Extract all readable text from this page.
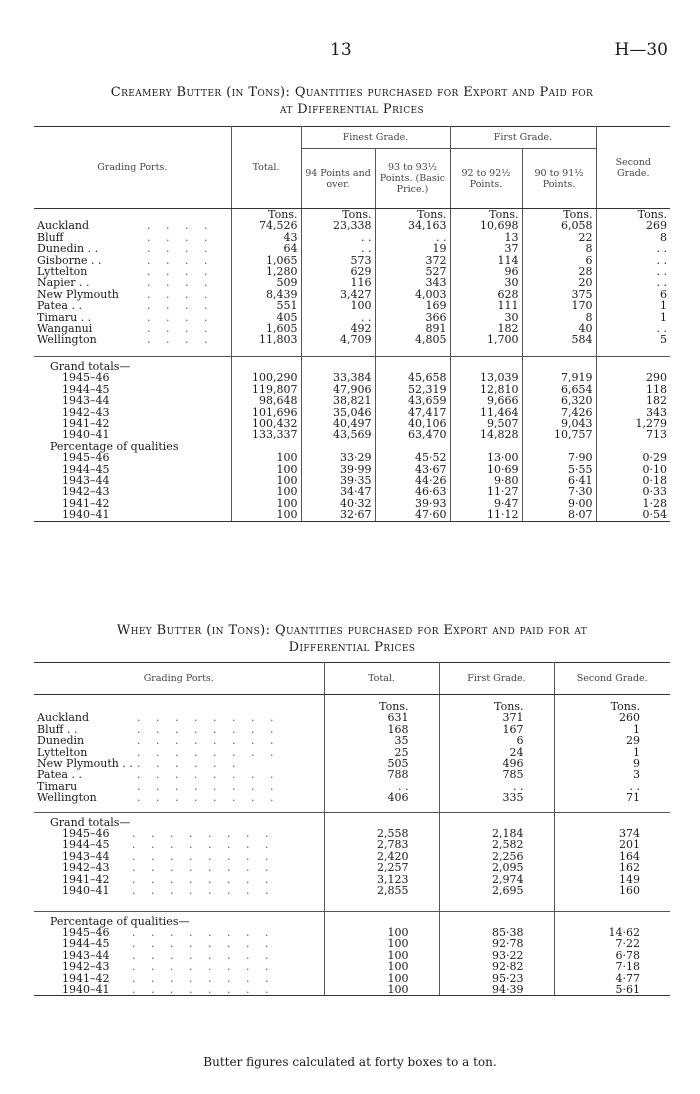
13	H—30
Creamery Butter (in Tons): Quantities purchased for Export and Paid for
at Differential Prices
Grading Ports.	Total.	Finest Grade.		First Grade.		Second Grade.
		94 Points and over.	93 to 93½ Points. (Basic Price.)	92 to 92½ Points.	90 to 91½ Points.	
	Tons.	Tons.	Tons.	Tons.	Tons.	Tons.
Auckland . . . .	74,526	23,338	34,163	10,698	6,058	269
Bluff . . . .	43	. .	. .	13	22	8
Dunedin . . . . . .	64	. .	19	37	8	. .
Gisborne . . . . . .	1,065	573	372	114	6	. .
Lyttelton . . . .	1,280	629	527	96	28	. .
Napier . . . . . .	509	116	343	30	20	. .
New Plymouth . . . .	8,439	3,427	4,003	628	375	6
Patea . . . . . .	551	100	169	111	170	1
Timaru . . . . . .	405	. .	366	30	8	1
Wanganui . . . .	1,605	492	891	182	40	. .
Wellington . . . .	11,803	4,709	4,805	1,700	584	5

Grand totals—						
1945–46	100,290	33,384	45,658	13,039	7,919	290
1944–45	119,807	47,906	52,319	12,810	6,654	118
1943–44	98,648	38,821	43,659	9,666	6,320	182
1942–43	101,696	35,046	47,417	11,464	7,426	343
1941–42	100,432	40,497	40,106	9,507	9,043	1,279
1940–41	133,337	43,569	63,470	14,828	10,757	713
Percentage of qualities						
1945–46	100	33·29	45·52	13·00	7·90	0·29
1944–45	100	39·99	43·67	10·69	5·55	0·10
1943–44	100	39·35	44·26	9·80	6·41	0·18
1942–43	100	34·47	46·63	11·27	7·30	0·33
1941–42	100	40·32	39·93	9·47	9·00	1·28
1940–41	100	32·67	47·60	11·12	8·07	0·54
Whey Butter (in Tons): Quantities purchased for Export and paid for at
Differential Prices
Grading Ports.	Total.	First Grade.	Second Grade.

	Tons.	Tons.	Tons.
Auckland . . . . . . . .	631	371	260
Bluff . . . . . . . . . .	168	167	1
Dunedin . . . . . . . .	35	6	29
Lyttelton . . . . . . . .	25	24	1
New Plymouth . . . . . . . .	505	496	9
Patea . . . . . . . . . .	788	785	3
Timaru . . . . . . . .	. .	. .	. .
Wellington . . . . . . . .	406	335	71

Grand totals—			
1945–46 . . . . . . . .	2,558	2,184	374
1944–45 . . . . . . . .	2,783	2,582	201
1943–44 . . . . . . . .	2,420	2,256	164
1942–43 . . . . . . . .	2,257	2,095	162
1941–42 . . . . . . . .	3,123	2,974	149
1940–41 . . . . . . . .	2,855	2,695	160

Percentage of qualities—			
1945–46 . . . . . . . .	100	85·38	14·62
1944–45 . . . . . . . .	100	92·78	7·22
1943–44 . . . . . . . .	100	93·22	6·78
1942–43 . . . . . . . .	100	92·82	7·18
1941–42 . . . . . . . .	100	95·23	4·77
1940–41 . . . . . . . .	100	94·39	5·61
Butter figures calculated at forty boxes to a ton.
